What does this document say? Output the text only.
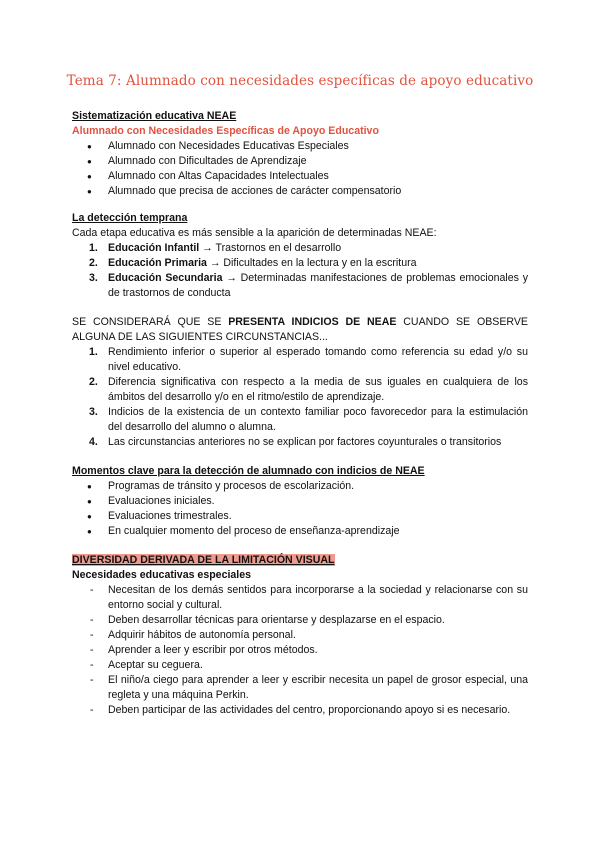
Tema 7: Alumnado con necesidades específicas de apoyo educativo

Sistematización educativa NEAE

Alumnado con Necesidades Específicas de Apoyo Educativo

● Alumnado con Necesidades Educativas Especiales
● Alumnado con Dificultades de Aprendizaje
● Alumnado con Altas Capacidades Intelectuales
● Alumnado que precisa de acciones de carácter compensatorio

La detección temprana

Cada etapa educativa es más sensible a la aparición de determinadas NEAE:

1. Educación Infantil → Trastornos en el desarrollo
2. Educación Primaria → Dificultades en la lectura y en la escritura
3. Educación Secundaria → Determinadas manifestaciones de problemas emocionales y de trastornos de conducta

SE CONSIDERARÁ QUE SE PRESENTA INDICIOS DE NEAE CUANDO SE OBSERVE ALGUNA DE LAS SIGUIENTES CIRCUNSTANCIAS...

1. Rendimiento inferior o superior al esperado tomando como referencia su edad y/o su nivel educativo.
2. Diferencia significativa con respecto a la media de sus iguales en cualquiera de los ámbitos del desarrollo y/o en el ritmo/estilo de aprendizaje.
3. Indicios de la existencia de un contexto familiar poco favorecedor para la estimulación del desarrollo del alumno o alumna.
4. Las circunstancias anteriores no se explican por factores coyunturales o transitorios

Momentos clave para la detección de alumnado con indicios de NEAE

● Programas de tránsito y procesos de escolarización.
● Evaluaciones iniciales.
● Evaluaciones trimestrales.
● En cualquier momento del proceso de enseñanza-aprendizaje

DIVERSIDAD DERIVADA DE LA LIMITACIÓN VISUAL

Necesidades educativas especiales

- Necesitan de los demás sentidos para incorporarse a la sociedad y relacionarse con su entorno social y cultural.
- Deben desarrollar técnicas para orientarse y desplazarse en el espacio.
- Adquirir hábitos de autonomía personal.
- Aprender a leer y escribir por otros métodos.
- Aceptar su ceguera.
- El niño/a ciego para aprender a leer y escribir necesita un papel de grosor especial, una regleta y una máquina Perkin.
- Deben participar de las actividades del centro, proporcionando apoyo si es necesario.
